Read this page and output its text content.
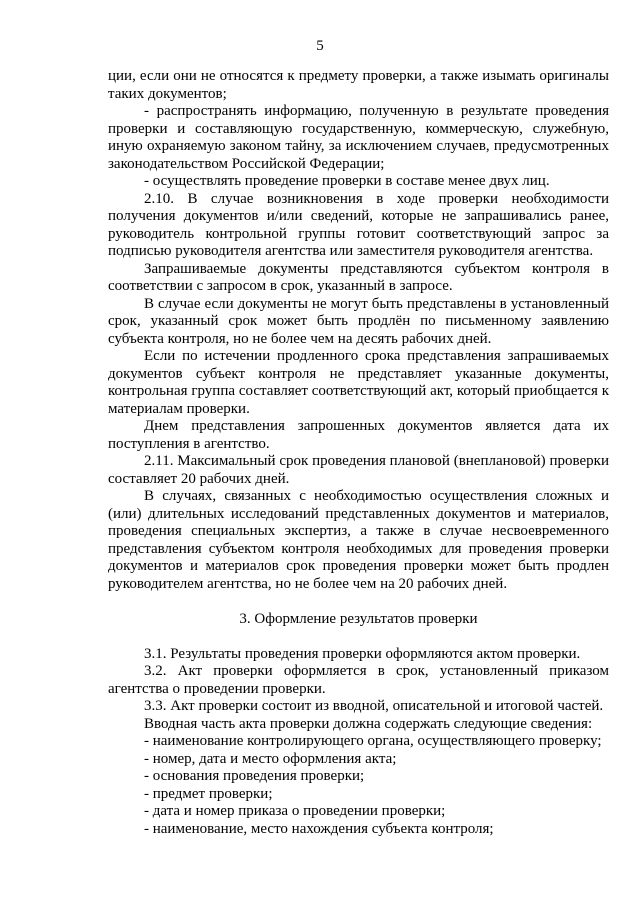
5

ции, если они не относятся к предмету проверки, а также изымать оригиналы таких документов;

- распространять информацию, полученную в результате проведения проверки и составляющую государственную, коммерческую, служебную, иную охраняемую законом тайну, за исключением случаев, предусмотренных законодательством Российской Федерации;

- осуществлять проведение проверки в составе менее двух лиц.

2.10. В случае возникновения в ходе проверки необходимости получения документов и/или сведений, которые не запрашивались ранее, руководитель контрольной группы готовит соответствующий запрос за подписью руководителя агентства или заместителя руководителя агентства.

Запрашиваемые документы представляются субъектом контроля в соответствии с запросом в срок, указанный в запросе.

В случае если документы не могут быть представлены в установленный срок, указанный срок может быть продлён по письменному заявлению субъекта контроля, но не более чем на десять рабочих дней.

Если по истечении продленного срока представления запрашиваемых документов субъект контроля не представляет указанные документы, контрольная группа составляет соответствующий акт, который приобщается к материалам проверки.

Днем представления запрошенных документов является дата их поступления в агентство.

2.11. Максимальный срок проведения плановой (внеплановой) проверки составляет 20 рабочих дней.

В случаях, связанных с необходимостью осуществления сложных и (или) длительных исследований представленных документов и материалов, проведения специальных экспертиз, а также в случае несвоевременного представления субъектом контроля необходимых для проведения проверки документов и материалов срок проведения проверки может быть продлен руководителем агентства, но не более чем на 20 рабочих дней.

3. Оформление результатов проверки

3.1. Результаты проведения проверки оформляются актом проверки.

3.2. Акт проверки оформляется в срок, установленный приказом агентства о проведении проверки.

3.3. Акт проверки состоит из вводной, описательной и итоговой частей.

Вводная часть акта проверки должна содержать следующие сведения:

- наименование контролирующего органа, осуществляющего проверку;

- номер, дата и место оформления акта;

- основания проведения проверки;

- предмет проверки;

- дата и номер приказа о проведении проверки;

- наименование, место нахождения субъекта контроля;
